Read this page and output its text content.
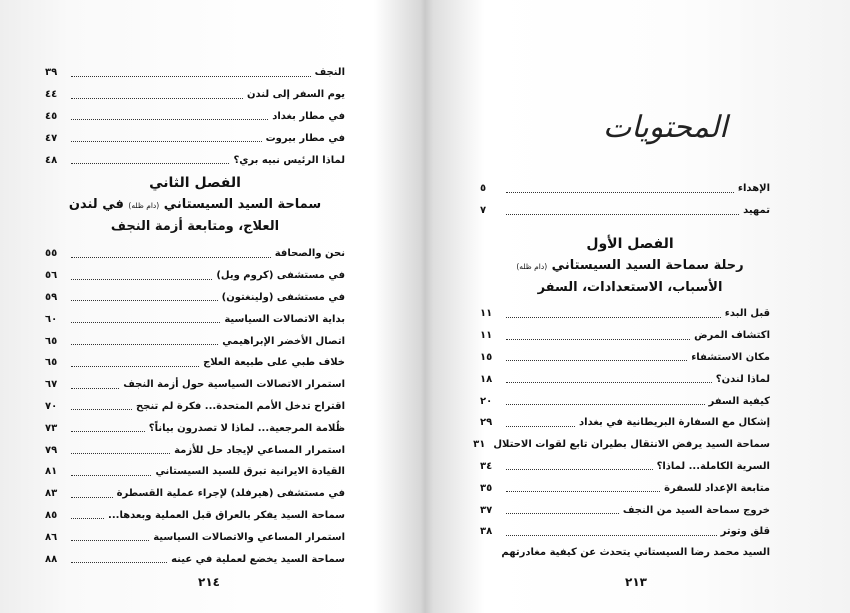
النجف
٣٩
يوم السفر إلى لندن
٤٤
في مطار بغداد
٤٥
في مطار بيروت
٤٧
لماذا الرئيس نبيه بري؟
٤٨
الفصل الثاني
سماحة السيد السيستاني (دام ظله) في لندن
العلاج، ومتابعة أزمة النجف
نحن والصحافة
٥٥
في مستشفى (كروم ويل)
٥٦
في مستشفى (ولينغتون)
٥٩
بداية الاتصالات السياسية
٦٠
اتصال الأخضر الإبراهيمي
٦٥
خلاف طبي على طبيعة العلاج
٦٥
استمرار الاتصالات السياسية حول أزمة النجف
٦٧
اقتراح تدخل الأمم المتحدة... فكرة لم تنجح
٧٠
ظُلامة المرجعية... لماذا لا تصدرون بياناً؟
٧٣
استمرار المساعي لإيجاد حل للأزمة
٧٩
القيادة الايرانية تبرق للسيد السيستاني
٨١
في مستشفى (هيرفلد) لإجراء عملية القسطرة
٨٣
سماحة السيد يفكر بالعراق قبل العملية وبعدها...
٨٥
استمرار المساعي والاتصالات السياسية
٨٦
سماحة السيد يخضع لعملية في عينه
٨٨
٢١٤
المحتويات
الإهداء
٥
تمهيد
٧
الفصل الأول
رحلة سماحة السيد السيستاني (دام ظله)
الأسباب، الاستعدادات، السفر
قبل البدء
١١
اكتشاف المرض
١١
مكان الاستشفاء
١٥
لماذا لندن؟
١٨
كيفية السفر
٢٠
إشكال مع السفارة البريطانية في بغداد
٢٩
سماحة السيد يرفض الانتقال بطيران تابع لقوات الاحتلال
٣١
السرية الكاملة... لماذا؟
٣٤
متابعة الإعداد للسفرة
٣٥
خروج سماحة السيد من النجف
٣٧
قلق وتوتر
٣٨
السيد محمد رضا السيستاني يتحدث عن كيفية مغادرتهم
٢١٣
